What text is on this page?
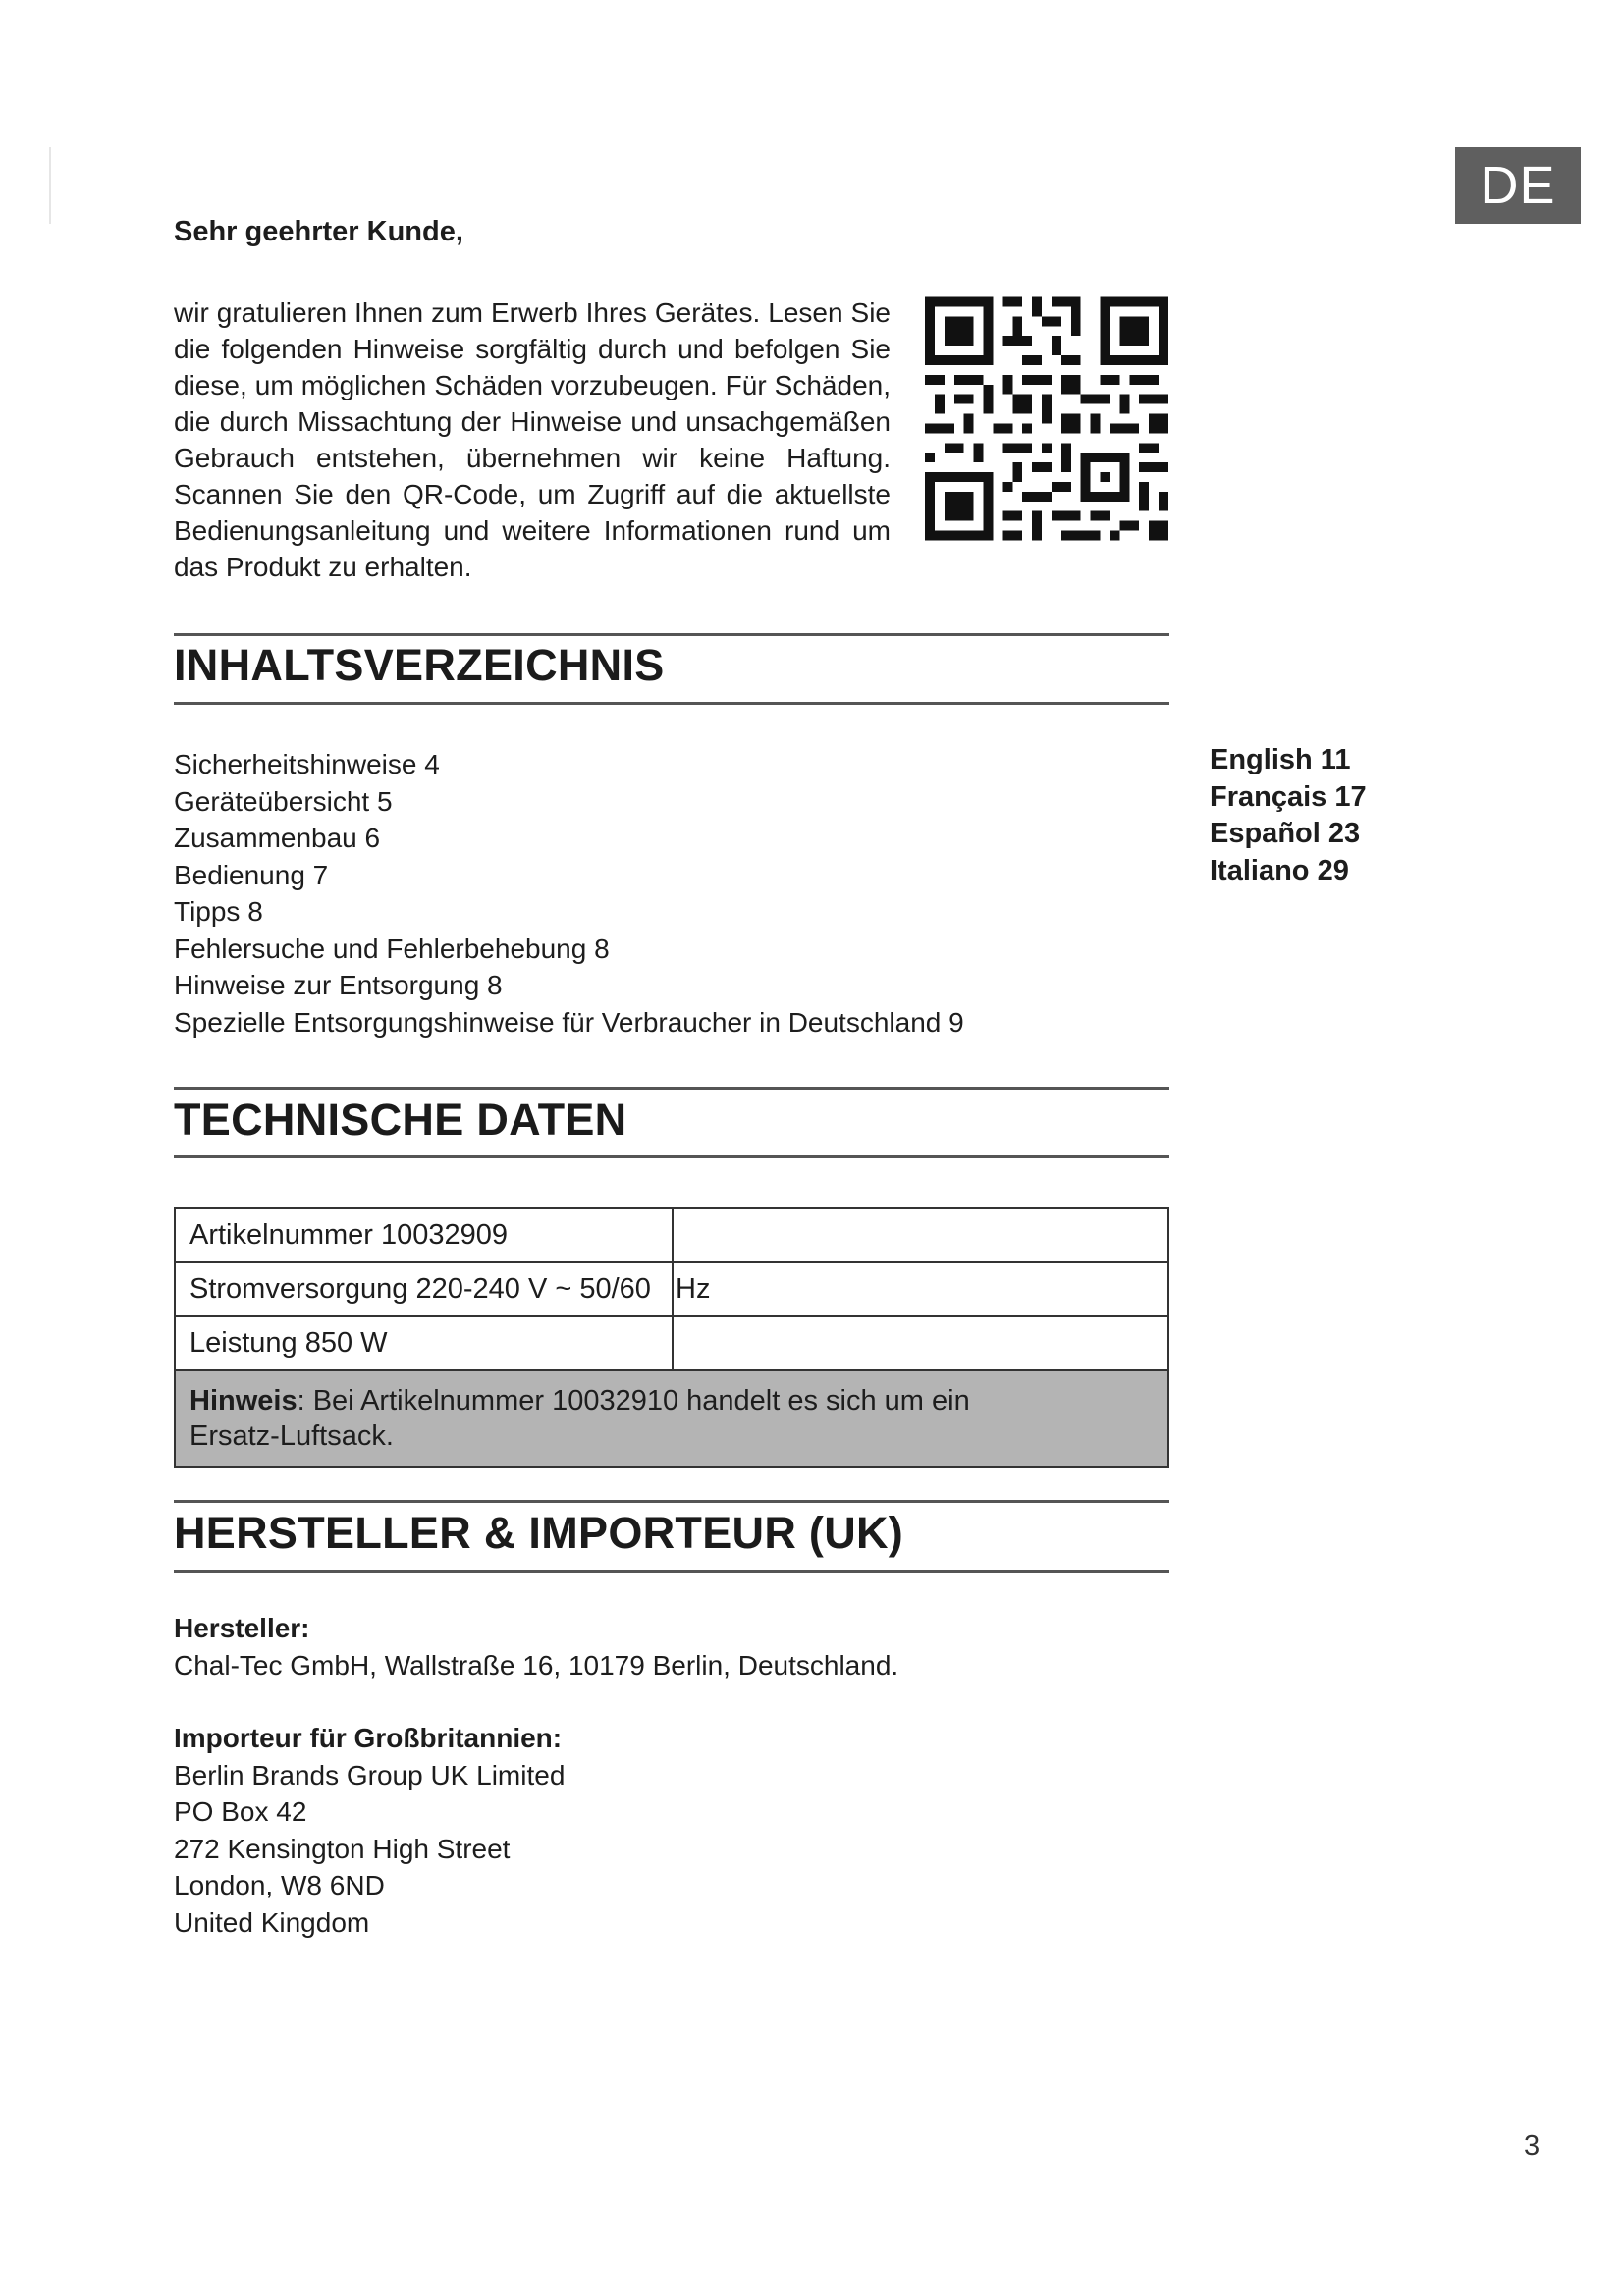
DE
Sehr geehrter Kunde,

wir gratulieren Ihnen zum Erwerb Ihres Gerätes. Lesen Sie die folgenden Hinweise sorgfältig durch und befolgen Sie diese, um möglichen Schäden vorzubeugen. Für Schäden, die durch Missachtung der Hinweise und unsachgemäßen Gebrauch entstehen, übernehmen wir keine Haftung. Scannen Sie den QR-Code, um Zugriff auf die aktuellste Bedienungsanleitung und weitere Informationen rund um das Produkt zu erhalten.

INHALTSVERZEICHNIS
Sicherheitshinweise 4
Geräteübersicht 5
Zusammenbau 6
Bedienung 7
Tipps 8
Fehlersuche und Fehlerbehebung 8
Hinweise zur Entsorgung 8
Spezielle Entsorgungshinweise für Verbraucher in Deutschland 9
English 11
Français 17
Español 23
Italiano 29
TECHNISCHE DATEN
Artikelnummer 10032909	
Stromversorgung 220-240 V ~ 50/60	Hz
Leistung 850 W	

Hinweis: Bei Artikelnummer 10032910 handelt es sich um ein Ersatz-Luftsack.	
HERSTELLER & IMPORTEUR (UK)
Hersteller:
Chal-Tec GmbH, Wallstraße 16, 10179 Berlin, Deutschland.
Importeur für Großbritannien:
Berlin Brands Group UK Limited
PO Box 42
272 Kensington High Street
London, W8 6ND
United Kingdom
3
